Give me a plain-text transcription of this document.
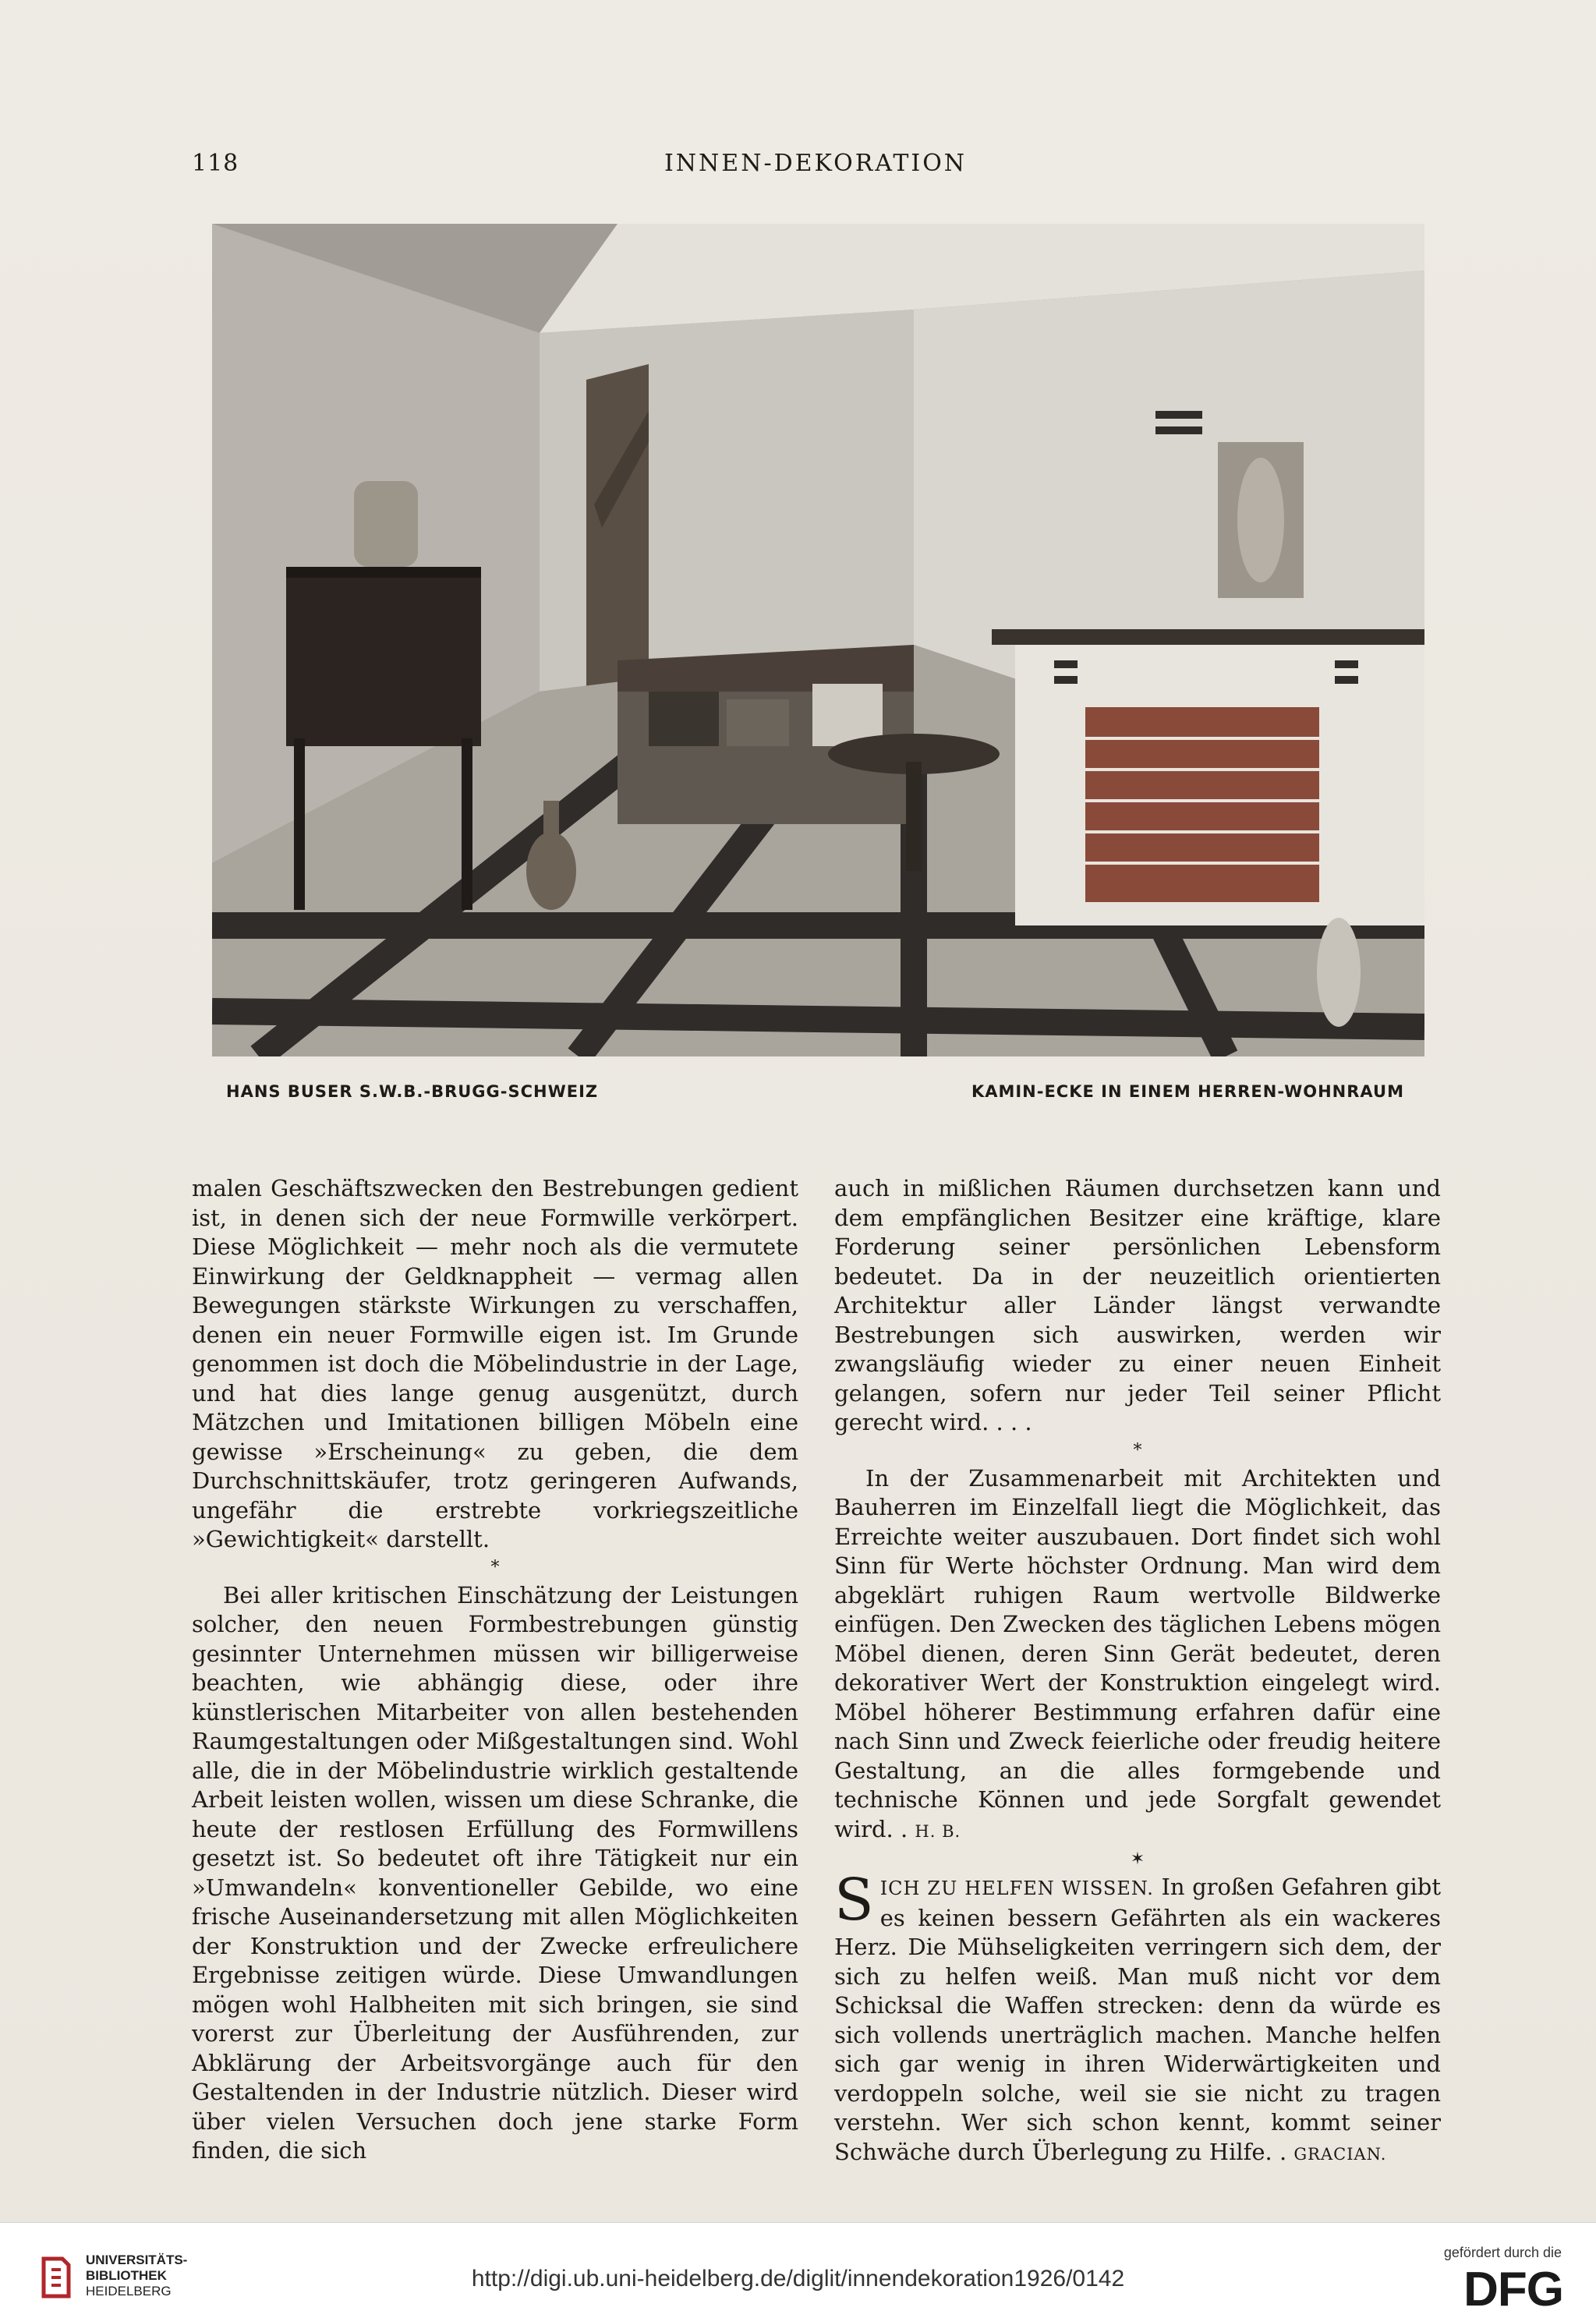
118	INNEN-DEKORATION
HANS BUSER S.W.B.-BRUGG-SCHWEIZ	KAMIN-ECKE IN EINEM HERREN-WOHNRAUM

malen Geschäftszwecken den Bestrebungen gedient ist, in denen sich der neue Formwille verkörpert. Diese Möglichkeit — mehr noch als die vermutete Einwirkung der Geldknappheit — vermag allen Bewegungen stärkste Wirkungen zu verschaffen, denen ein neuer Formwille eigen ist. Im Grunde genommen ist doch die Möbelindustrie in der Lage, und hat dies lange genug ausgenützt, durch Mätzchen und Imitationen billigen Möbeln eine gewisse »Erscheinung« zu geben, die dem Durchschnittskäufer, trotz geringeren Aufwands, ungefähr die erstrebte vorkriegszeitliche »Gewichtigkeit« darstellt.

*

Bei aller kritischen Einschätzung der Leistungen solcher, den neuen Formbestrebungen günstig gesinnter Unternehmen müssen wir billigerweise beachten, wie abhängig diese, oder ihre künstlerischen Mitarbeiter von allen bestehenden Raumgestaltungen oder Mißgestaltungen sind. Wohl alle, die in der Möbelindustrie wirklich gestaltende Arbeit leisten wollen, wissen um diese Schranke, die heute der restlosen Erfüllung des Formwillens gesetzt ist. So bedeutet oft ihre Tätigkeit nur ein »Umwandeln« konventioneller Gebilde, wo eine frische Auseinandersetzung mit allen Möglichkeiten der Konstruktion und der Zwecke erfreulichere Ergebnisse zeitigen würde. Diese Umwandlungen mögen wohl Halbheiten mit sich bringen, sie sind vorerst zur Überleitung der Ausführenden, zur Abklärung der Arbeitsvorgänge auch für den Gestaltenden in der Industrie nützlich. Dieser wird über vielen Versuchen doch jene starke Form finden, die sich

auch in mißlichen Räumen durchsetzen kann und dem empfänglichen Besitzer eine kräftige, klare Forderung seiner persönlichen Lebensform bedeutet. Da in der neuzeitlich orientierten Architektur aller Länder längst verwandte Bestrebungen sich auswirken, werden wir zwangsläufig wieder zu einer neuen Einheit gelangen, sofern nur jeder Teil seiner Pflicht gerecht wird. . . .

*

In der Zusammenarbeit mit Architekten und Bauherren im Einzelfall liegt die Möglichkeit, das Erreichte weiter auszubauen. Dort findet sich wohl Sinn für Werte höchster Ordnung. Man wird dem abgeklärt ruhigen Raum wertvolle Bildwerke einfügen. Den Zwecken des täglichen Lebens mögen Möbel dienen, deren Sinn Gerät bedeutet, deren dekorativer Wert der Konstruktion eingelegt wird. Möbel höherer Bestimmung erfahren dafür eine nach Sinn und Zweck feierliche oder freudig heitere Gestaltung, an die alles formgebende und technische Können und jede Sorgfalt gewendet wird. . H. B.

✶

SICH ZU HELFEN WISSEN. In großen Gefahren gibt es keinen bessern Gefährten als ein wackeres Herz. Die Mühseligkeiten verringern sich dem, der sich zu helfen weiß. Man muß nicht vor dem Schicksal die Waffen strecken: denn da würde es sich vollends unerträglich machen. Manche helfen sich gar wenig in ihren Widerwärtigkeiten und verdoppeln solche, weil sie sie nicht zu tragen verstehn. Wer sich schon kennt, kommt seiner Schwäche durch Überlegung zu Hilfe. . GRACIAN.

UNIVERSITÄTS-
BIBLIOTHEK
HEIDELBERG	http://digi.ub.uni-heidelberg.de/diglit/innendekoration1926/0142
gefördert durch die
DFG
